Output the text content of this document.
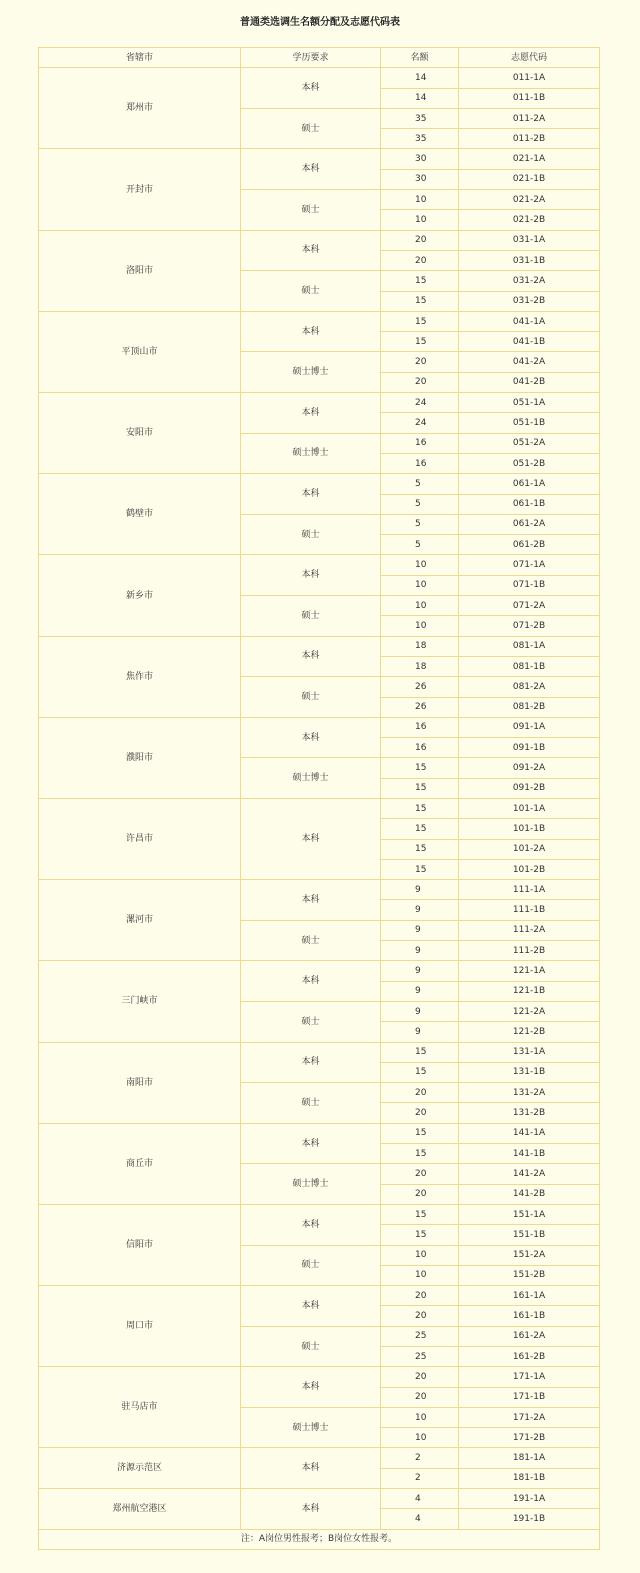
普通类选调生名额分配及志愿代码表
省辖市	学历要求	名额	志愿代码
郑州市	本科	14	011-1A
		14	011-1B
	硕士	35	011-2A
		35	011-2B
开封市	本科	30	021-1A
		30	021-1B
	硕士	10	021-2A
		10	021-2B
洛阳市	本科	20	031-1A
		20	031-1B
	硕士	15	031-2A
		15	031-2B
平顶山市	本科	15	041-1A
		15	041-1B
	硕士博士	20	041-2A
		20	041-2B
安阳市	本科	24	051-1A
		24	051-1B
	硕士博士	16	051-2A
		16	051-2B
鹤壁市	本科	5	061-1A
		5	061-1B
	硕士	5	061-2A
		5	061-2B
新乡市	本科	10	071-1A
		10	071-1B
	硕士	10	071-2A
		10	071-2B
焦作市	本科	18	081-1A
		18	081-1B
	硕士	26	081-2A
		26	081-2B
濮阳市	本科	16	091-1A
		16	091-1B
	硕士博士	15	091-2A
		15	091-2B
许昌市	本科	15	101-1A
		15	101-1B
		15	101-2A
		15	101-2B
漯河市	本科	9	111-1A
		9	111-1B
	硕士	9	111-2A
		9	111-2B
三门峡市	本科	9	121-1A
		9	121-1B
	硕士	9	121-2A
		9	121-2B
南阳市	本科	15	131-1A
		15	131-1B
	硕士	20	131-2A
		20	131-2B
商丘市	本科	15	141-1A
		15	141-1B
	硕士博士	20	141-2A
		20	141-2B
信阳市	本科	15	151-1A
		15	151-1B
	硕士	10	151-2A
		10	151-2B
周口市	本科	20	161-1A
		20	161-1B
	硕士	25	161-2A
		25	161-2B
驻马店市	本科	20	171-1A
		20	171-1B
	硕士博士	10	171-2A
		10	171-2B
济源示范区	本科	2	181-1A
		2	181-1B
郑州航空港区	本科	4	191-1A
		4	191-1B
注：A岗位男性报考；B岗位女性报考。			
